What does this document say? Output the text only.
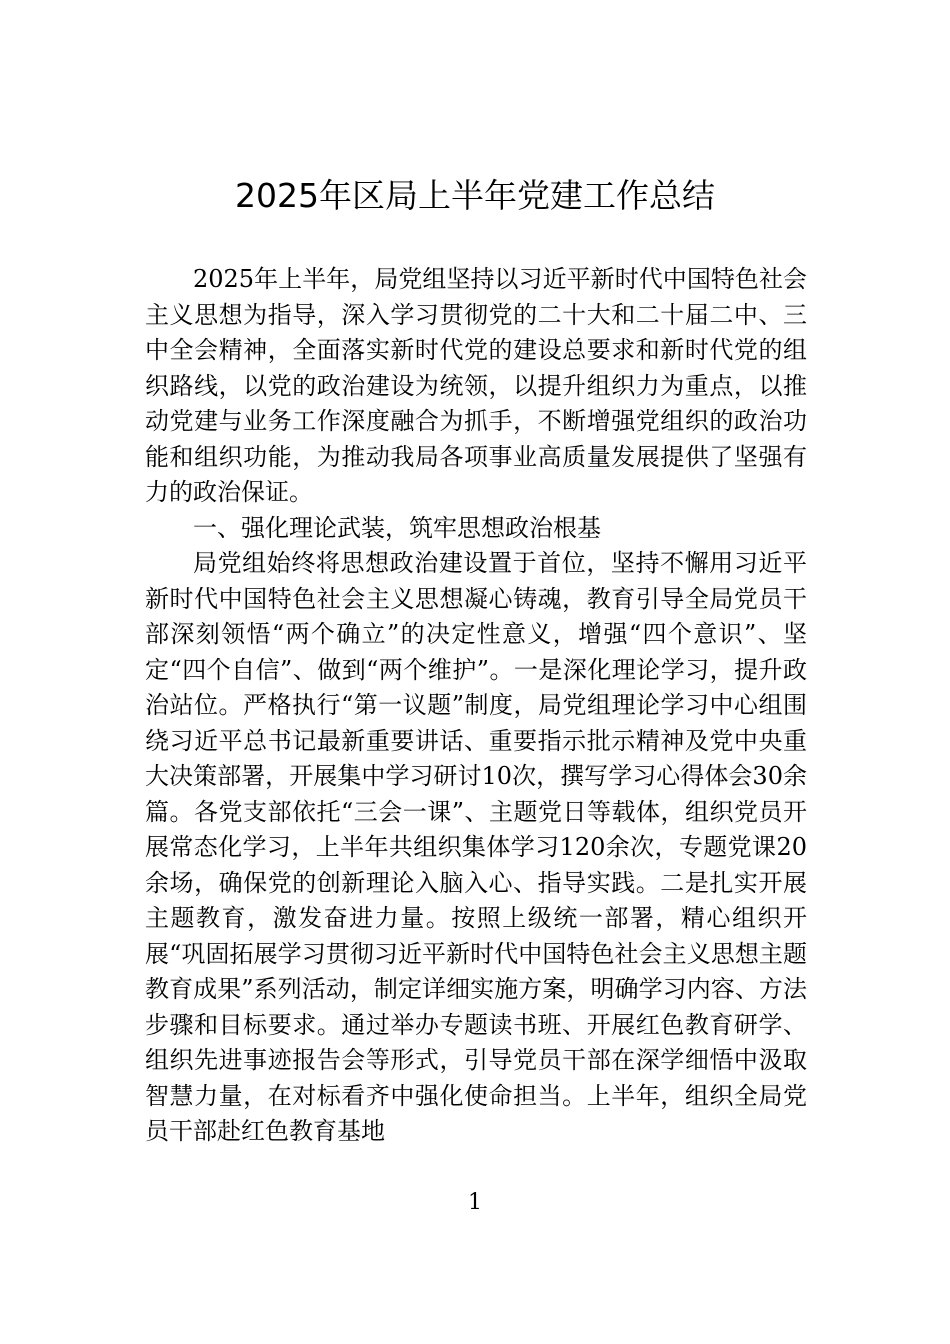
2025年区局上半年党建工作总结

2025年上半年，局党组坚持以习近平新时代中国特色社会主义思想为指导，深入学习贯彻党的二十大和二十届二中、三中全会精神，全面落实新时代党的建设总要求和新时代党的组织路线，以党的政治建设为统领，以提升组织力为重点，以推动党建与业务工作深度融合为抓手，不断增强党组织的政治功能和组织功能，为推动我局各项事业高质量发展提供了坚强有力的政治保证。

一、强化理论武装，筑牢思想政治根基

局党组始终将思想政治建设置于首位，坚持不懈用习近平新时代中国特色社会主义思想凝心铸魂，教育引导全局党员干部深刻领悟“两个确立”的决定性意义，增强“四个意识”、坚定“四个自信”、做到“两个维护”。一是深化理论学习，提升政治站位。严格执行“第一议题”制度，局党组理论学习中心组围绕习近平总书记最新重要讲话、重要指示批示精神及党中央重大决策部署，开展集中学习研讨10次，撰写学习心得体会30余篇。各党支部依托“三会一课”、主题党日等载体，组织党员开展常态化学习，上半年共组织集体学习120余次，专题党课20余场，确保党的创新理论入脑入心、指导实践。二是扎实开展主题教育，激发奋进力量。按照上级统一部署，精心组织开展“巩固拓展学习贯彻习近平新时代中国特色社会主义思想主题教育成果”系列活动，制定详细实施方案，明确学习内容、方法步骤和目标要求。通过举办专题读书班、开展红色教育研学、组织先进事迹报告会等形式，引导党员干部在深学细悟中汲取智慧力量，在对标看齐中强化使命担当。上半年，组织全局党员干部赴红色教育基地

1
